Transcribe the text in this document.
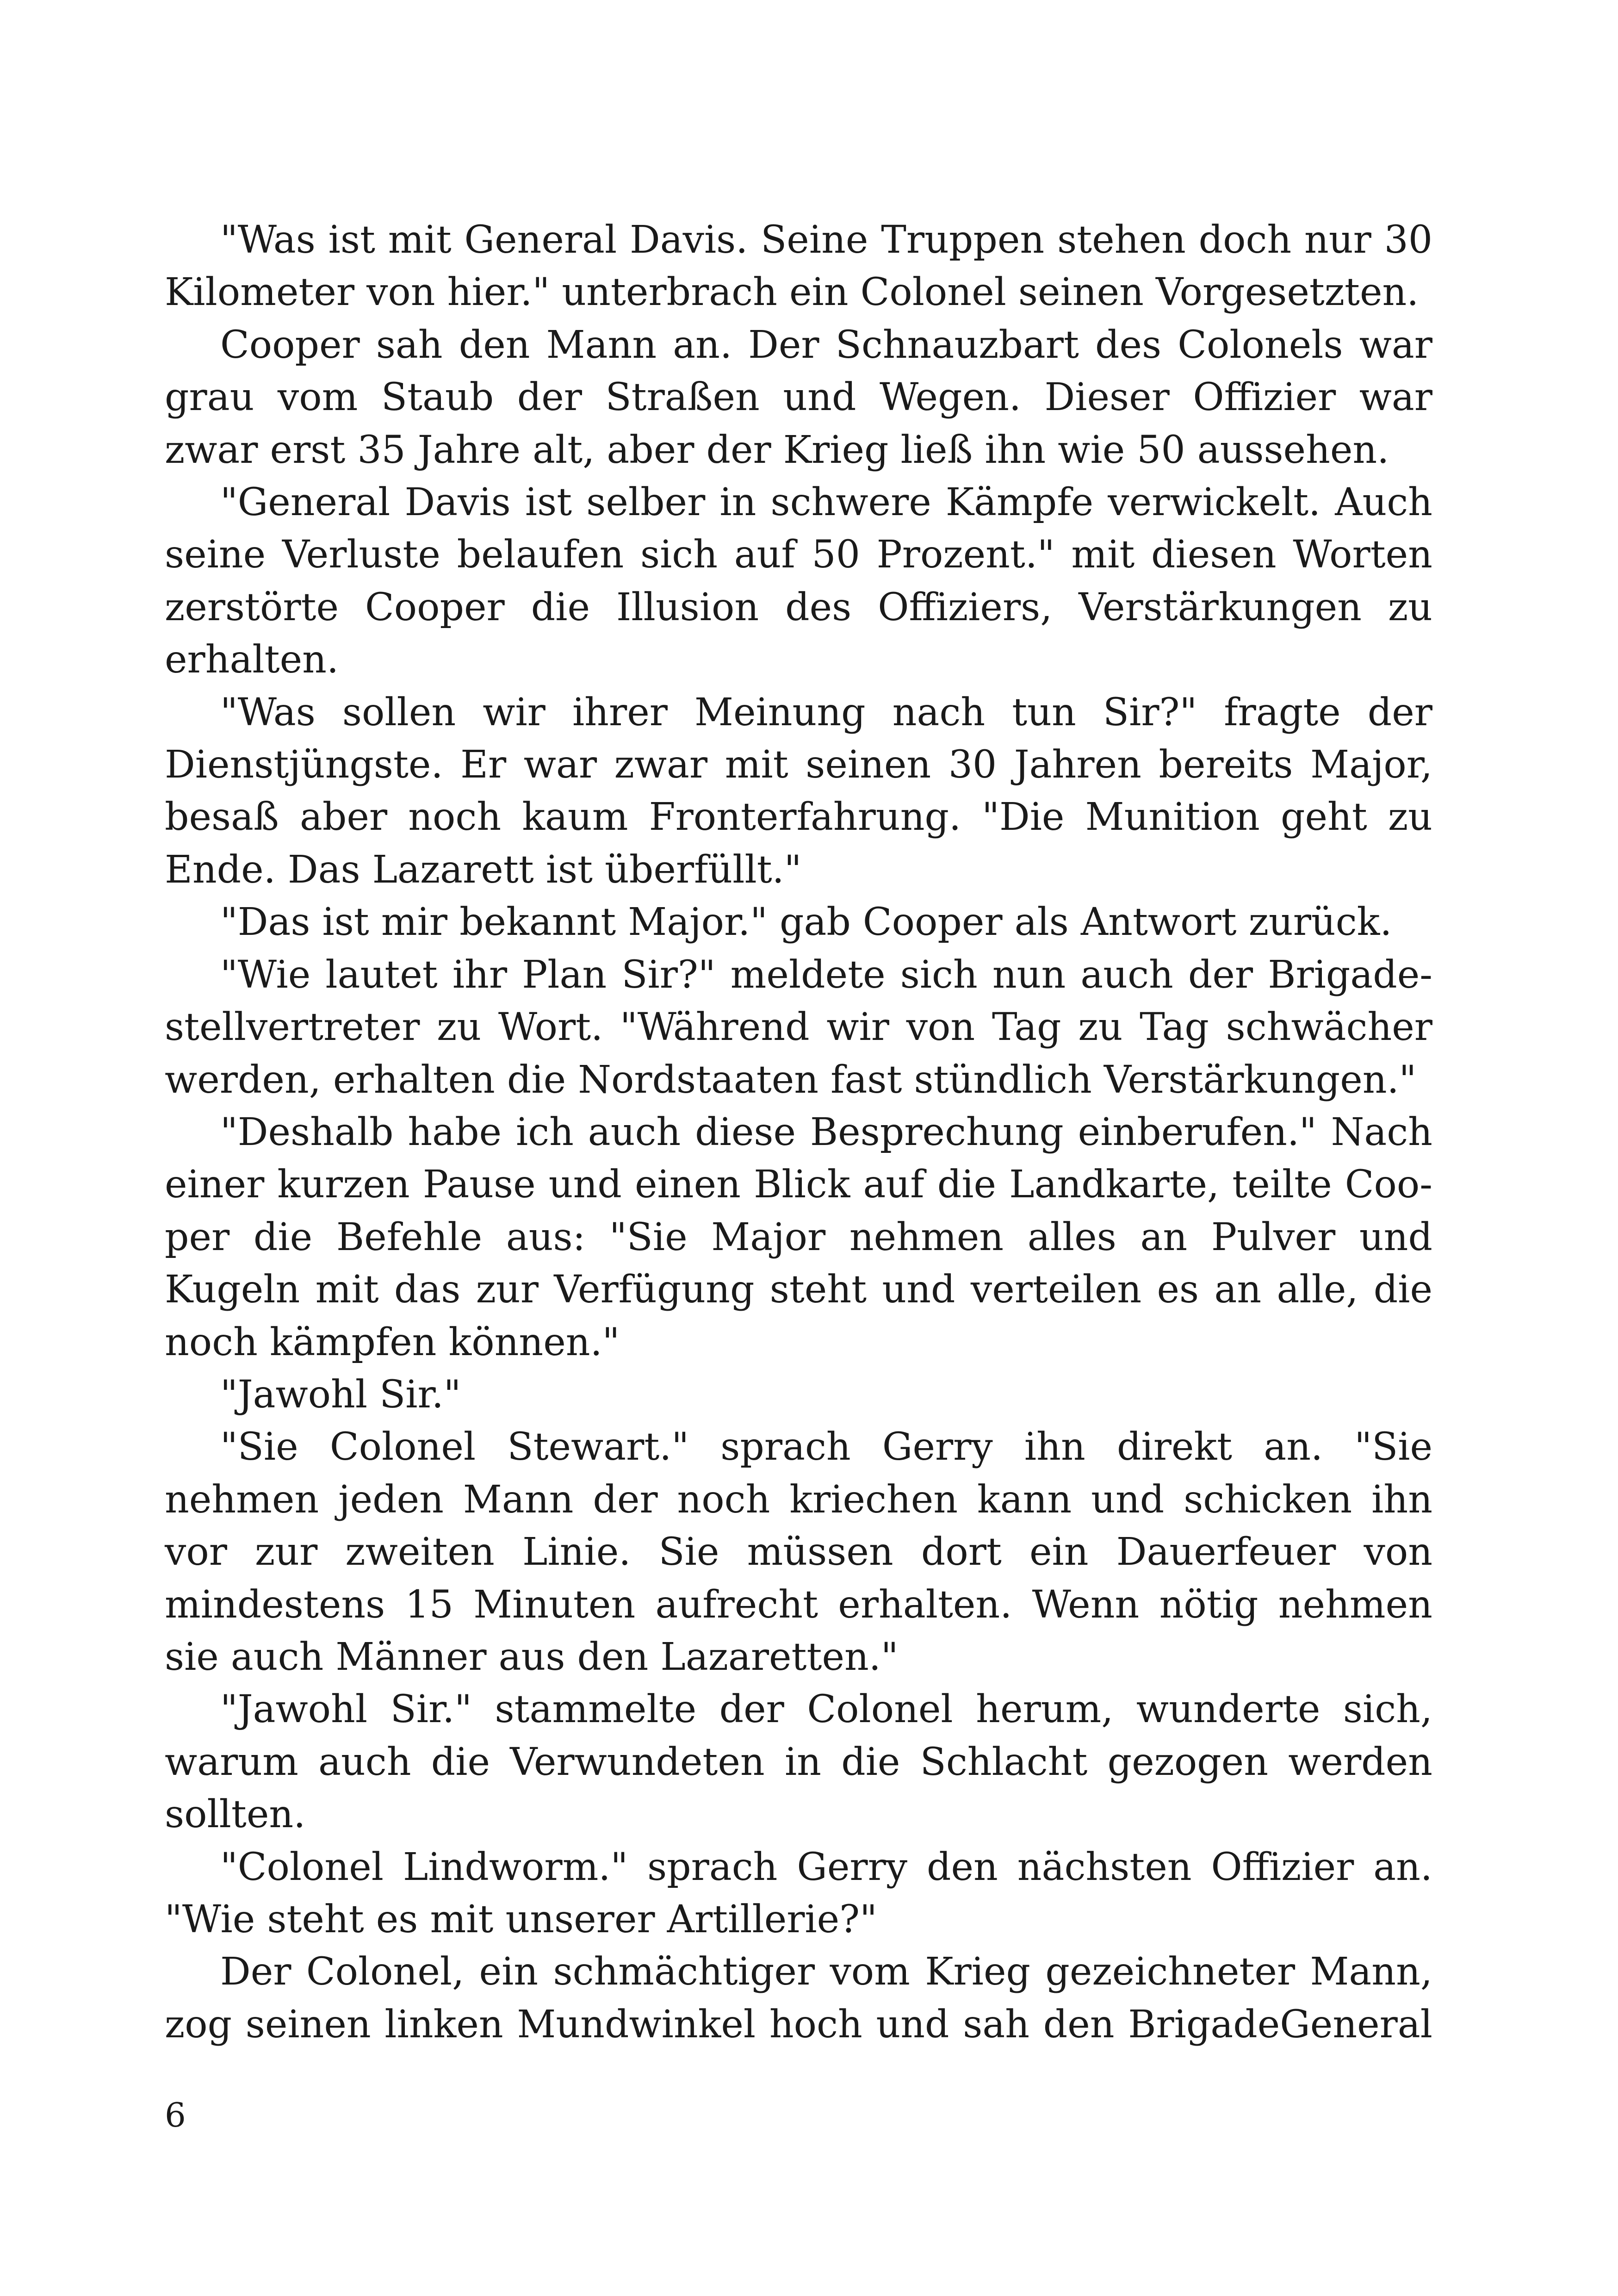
"Was ist mit General Davis. Seine Truppen stehen doch nur 30 Kilometer von hier." unterbrach ein Colonel seinen Vorgesetzten.

Cooper sah den Mann an. Der Schnauzbart des Colonels war grau vom Staub der Straßen und Wegen. Dieser Offizier war zwar erst 35 Jahre alt, aber der Krieg ließ ihn wie 50 aussehen.

"General Davis ist selber in schwere Kämpfe verwickelt. Auch seine Verluste belaufen sich auf 50 Prozent." mit diesen Worten zerstörte Cooper die Illusion des Offiziers, Verstärkungen zu erhalten.

"Was sollen wir ihrer Meinung nach tun Sir?" fragte der Dienstjüngste. Er war zwar mit seinen 30 Jahren bereits Major, besaß aber noch kaum Fronterfahrung. "Die Munition geht zu Ende. Das Lazarett ist überfüllt."

"Das ist mir bekannt Major." gab Cooper als Antwort zurück.

"Wie lautet ihr Plan Sir?" meldete sich nun auch der Brigadestellvertreter zu Wort. "Während wir von Tag zu Tag schwächer werden, erhalten die Nordstaaten fast stündlich Verstärkungen."

"Deshalb habe ich auch diese Besprechung einberufen." Nach einer kurzen Pause und einen Blick auf die Landkarte, teilte Cooper die Befehle aus: "Sie Major nehmen alles an Pulver und Kugeln mit das zur Verfügung steht und verteilen es an alle, die noch kämpfen können."

"Jawohl Sir."

"Sie Colonel Stewart." sprach Gerry ihn direkt an. "Sie nehmen jeden Mann der noch kriechen kann und schicken ihn vor zur zweiten Linie. Sie müssen dort ein Dauerfeuer von mindestens 15 Minuten aufrecht erhalten. Wenn nötig nehmen sie auch Männer aus den Lazaretten."

"Jawohl Sir." stammelte der Colonel herum, wunderte sich, warum auch die Verwundeten in die Schlacht gezogen werden sollten.

"Colonel Lindworm." sprach Gerry den nächsten Offizier an. "Wie steht es mit unserer Artillerie?"

Der Colonel, ein schmächtiger vom Krieg gezeichneter Mann, zog seinen linken Mundwinkel hoch und sah den BrigadeGeneral

6
